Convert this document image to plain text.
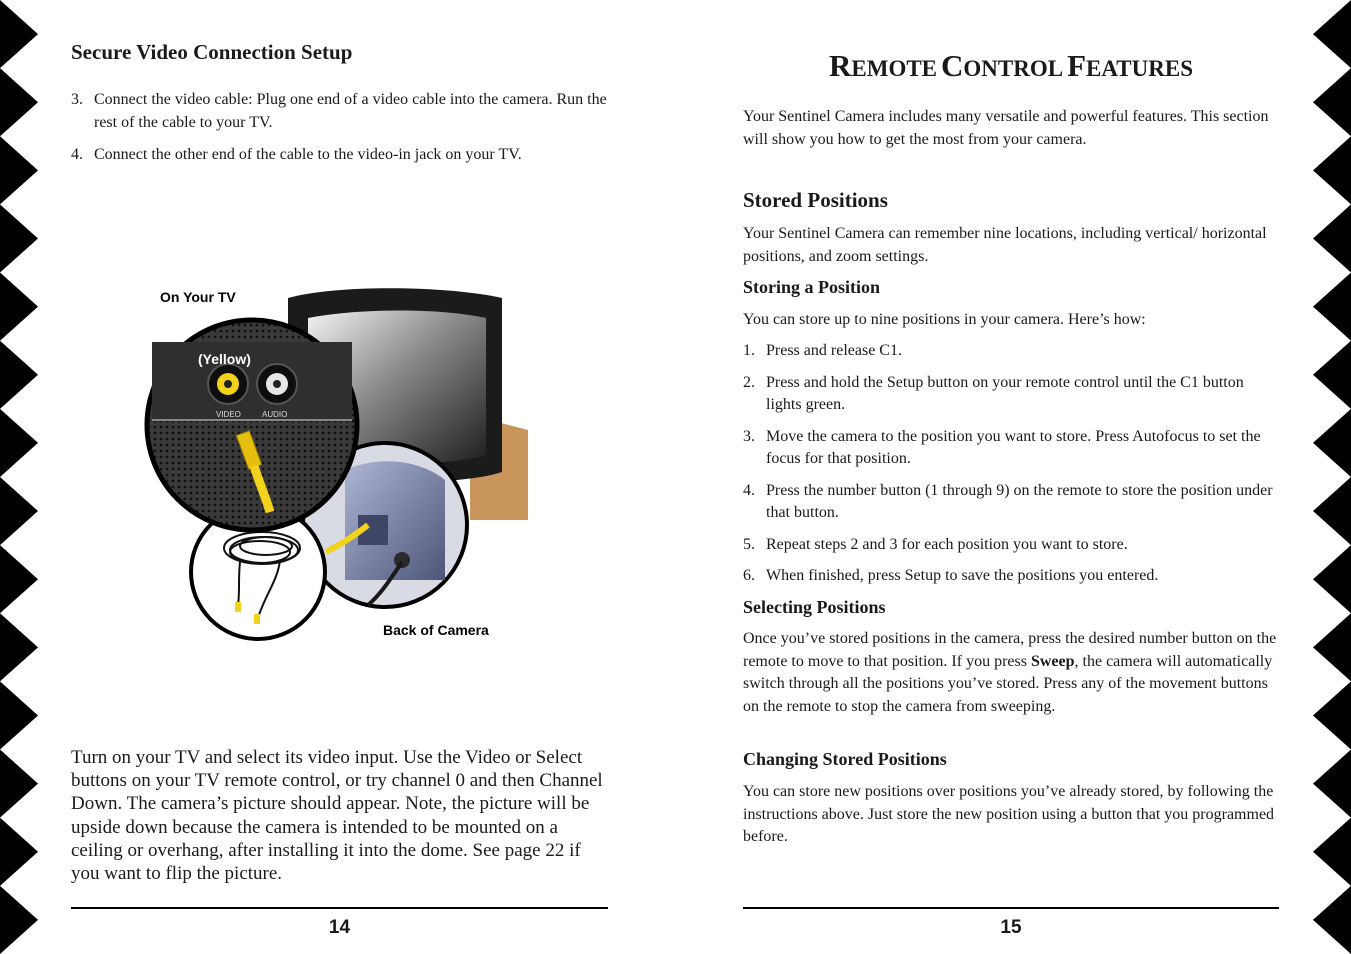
Secure Video Connection Setup
3. Connect the video cable: Plug one end of a video cable into the camera. Run the rest of the cable to your TV.
4. Connect the other end of the cable to the video-in jack on your TV.
On Your TV
(Yellow)
VIDEO	AUDIO
Back of Camera
Turn on your TV and select its video input. Use the Video or Select buttons on your TV remote control, or try channel 0 and then Channel Down. The camera’s picture should appear. Note, the picture will be upside down because the camera is intended to be mounted on a ceiling or overhang, after installing it into the dome. See page 22 if you want to flip the picture.
14
REMOTE CONTROL FEATURES
Your Sentinel Camera includes many versatile and powerful features. This section will show you how to get the most from your camera.
Stored Positions
Your Sentinel Camera can remember nine locations, including vertical/ horizontal positions, and zoom settings.
Storing a Position
You can store up to nine positions in your camera. Here’s how:
1. Press and release C1.
2. Press and hold the Setup button on your remote control until the C1 button lights green.
3. Move the camera to the position you want to store. Press Autofocus to set the focus for that position.
4. Press the number button (1 through 9) on the remote to store the position under that button.
5. Repeat steps 2 and 3 for each position you want to store.
6. When finished, press Setup to save the positions you entered.
Selecting Positions
Once you’ve stored positions in the camera, press the desired number button on the remote to move to that position. If you press Sweep, the camera will automatically switch through all the positions you’ve stored. Press any of the movement buttons on the remote to stop the camera from sweeping.
Changing Stored Positions
You can store new positions over positions you’ve already stored, by following the instructions above. Just store the new position using a button that you programmed before.
15
